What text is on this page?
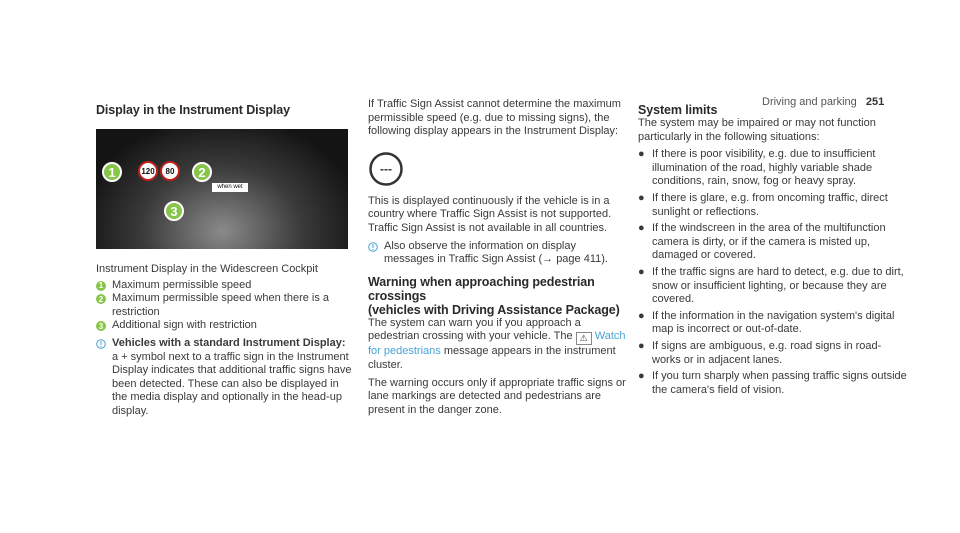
Driving and parking 251
Display in the Instrument Display
120	80
when wet
1	2
3

Instrument Display in the Widescreen Cockpit

1 Maximum permissible speed

2 Maximum permissible speed when there is a restriction

3 Additional sign with restriction

Vehicles with a standard Instrument Display: a + symbol next to a traffic sign in the Instrument Display indicates that additional traffic signs have been detected. These can also be displayed in the media display and optionally in the head-up display.

If Traffic Sign Assist cannot determine the maximum permissible speed (e.g. due to missing signs), the following display appears in the Instrument Display:

---

This is displayed continuously if the vehicle is in a country where Traffic Sign Assist is not supported. Traffic Sign Assist is not available in all countries.

Also observe the information on display messages in Traffic Sign Assist (→ page 411).

Warning when approaching pedestrian crossings
(vehicles with Driving Assistance Package)

The system can warn you if you approach a pedestrian crossing with your vehicle. The ⚠ Watch for pedestrians message appears in the instrument cluster.

The warning occurs only if appropriate traffic signs or lane markings are detected and pedestrians are present in the danger zone.

System limits

The system may be impaired or may not function particularly in the following situations:

● If there is poor visibility, e.g. due to insufficient illumination of the road, highly variable shade conditions, rain, snow, fog or heavy spray.
● If there is glare, e.g. from oncoming traffic, direct sunlight or reflections.
● If the windscreen in the area of the multifunction camera is dirty, or if the camera is misted up, damaged or covered.
● If the traffic signs are hard to detect, e.g. due to dirt, snow or insufficient lighting, or because they are covered.
● If the information in the navigation system's digital map is incorrect or out-of-date.
● If signs are ambiguous, e.g. road signs in road-works or in adjacent lanes.
● If you turn sharply when passing traffic signs outside the camera's field of vision.
